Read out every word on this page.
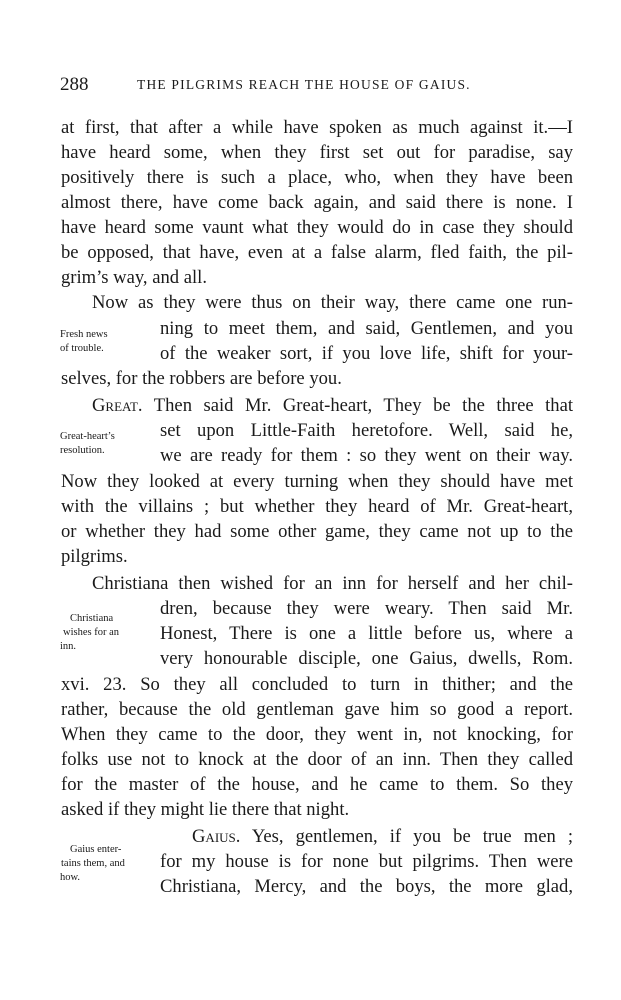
288	THE PILGRIMS REACH THE HOUSE OF GAIUS.
at first, that after a while have spoken as much against it.—I
have heard some, when they first set out for paradise, say
positively there is such a place, who, when they have been
almost there, have come back again, and said there is none. I
have heard some vaunt what they would do in case they should
be opposed, that have, even at a false alarm, fled faith, the pil-
grim’s way, and all.
Now as they were thus on their way, there came one run-
ning to meet them, and said, Gentlemen, and you
of the weaker sort, if you love life, shift for your-
selves, for the robbers are before you.
Great. Then said Mr. Great-heart, They be the three that
set upon Little-Faith heretofore. Well, said he,
we are ready for them : so they went on their way.
Now they looked at every turning when they should have met
with the villains ; but whether they heard of Mr. Great-heart,
or whether they had some other game, they came not up to the
pilgrims.
Christiana then wished for an inn for herself and her chil-
dren, because they were weary. Then said Mr.
Honest, There is one a little before us, where a
very honourable disciple, one Gaius, dwells, Rom.
xvi. 23. So they all concluded to turn in thither; and the
rather, because the old gentleman gave him so good a report.
When they came to the door, they went in, not knocking, for
folks use not to knock at the door of an inn. Then they called
for the master of the house, and he came to them. So they
asked if they might lie there that night.
Gaius. Yes, gentlemen, if you be true men ;
for my house is for none but pilgrims. Then were
Christiana, Mercy, and the boys, the more glad,
Fresh news
of trouble.
Great-heart’s
resolution.
Christiana
wishes for an
inn.
Gaius enter-
tains them, and
how.
